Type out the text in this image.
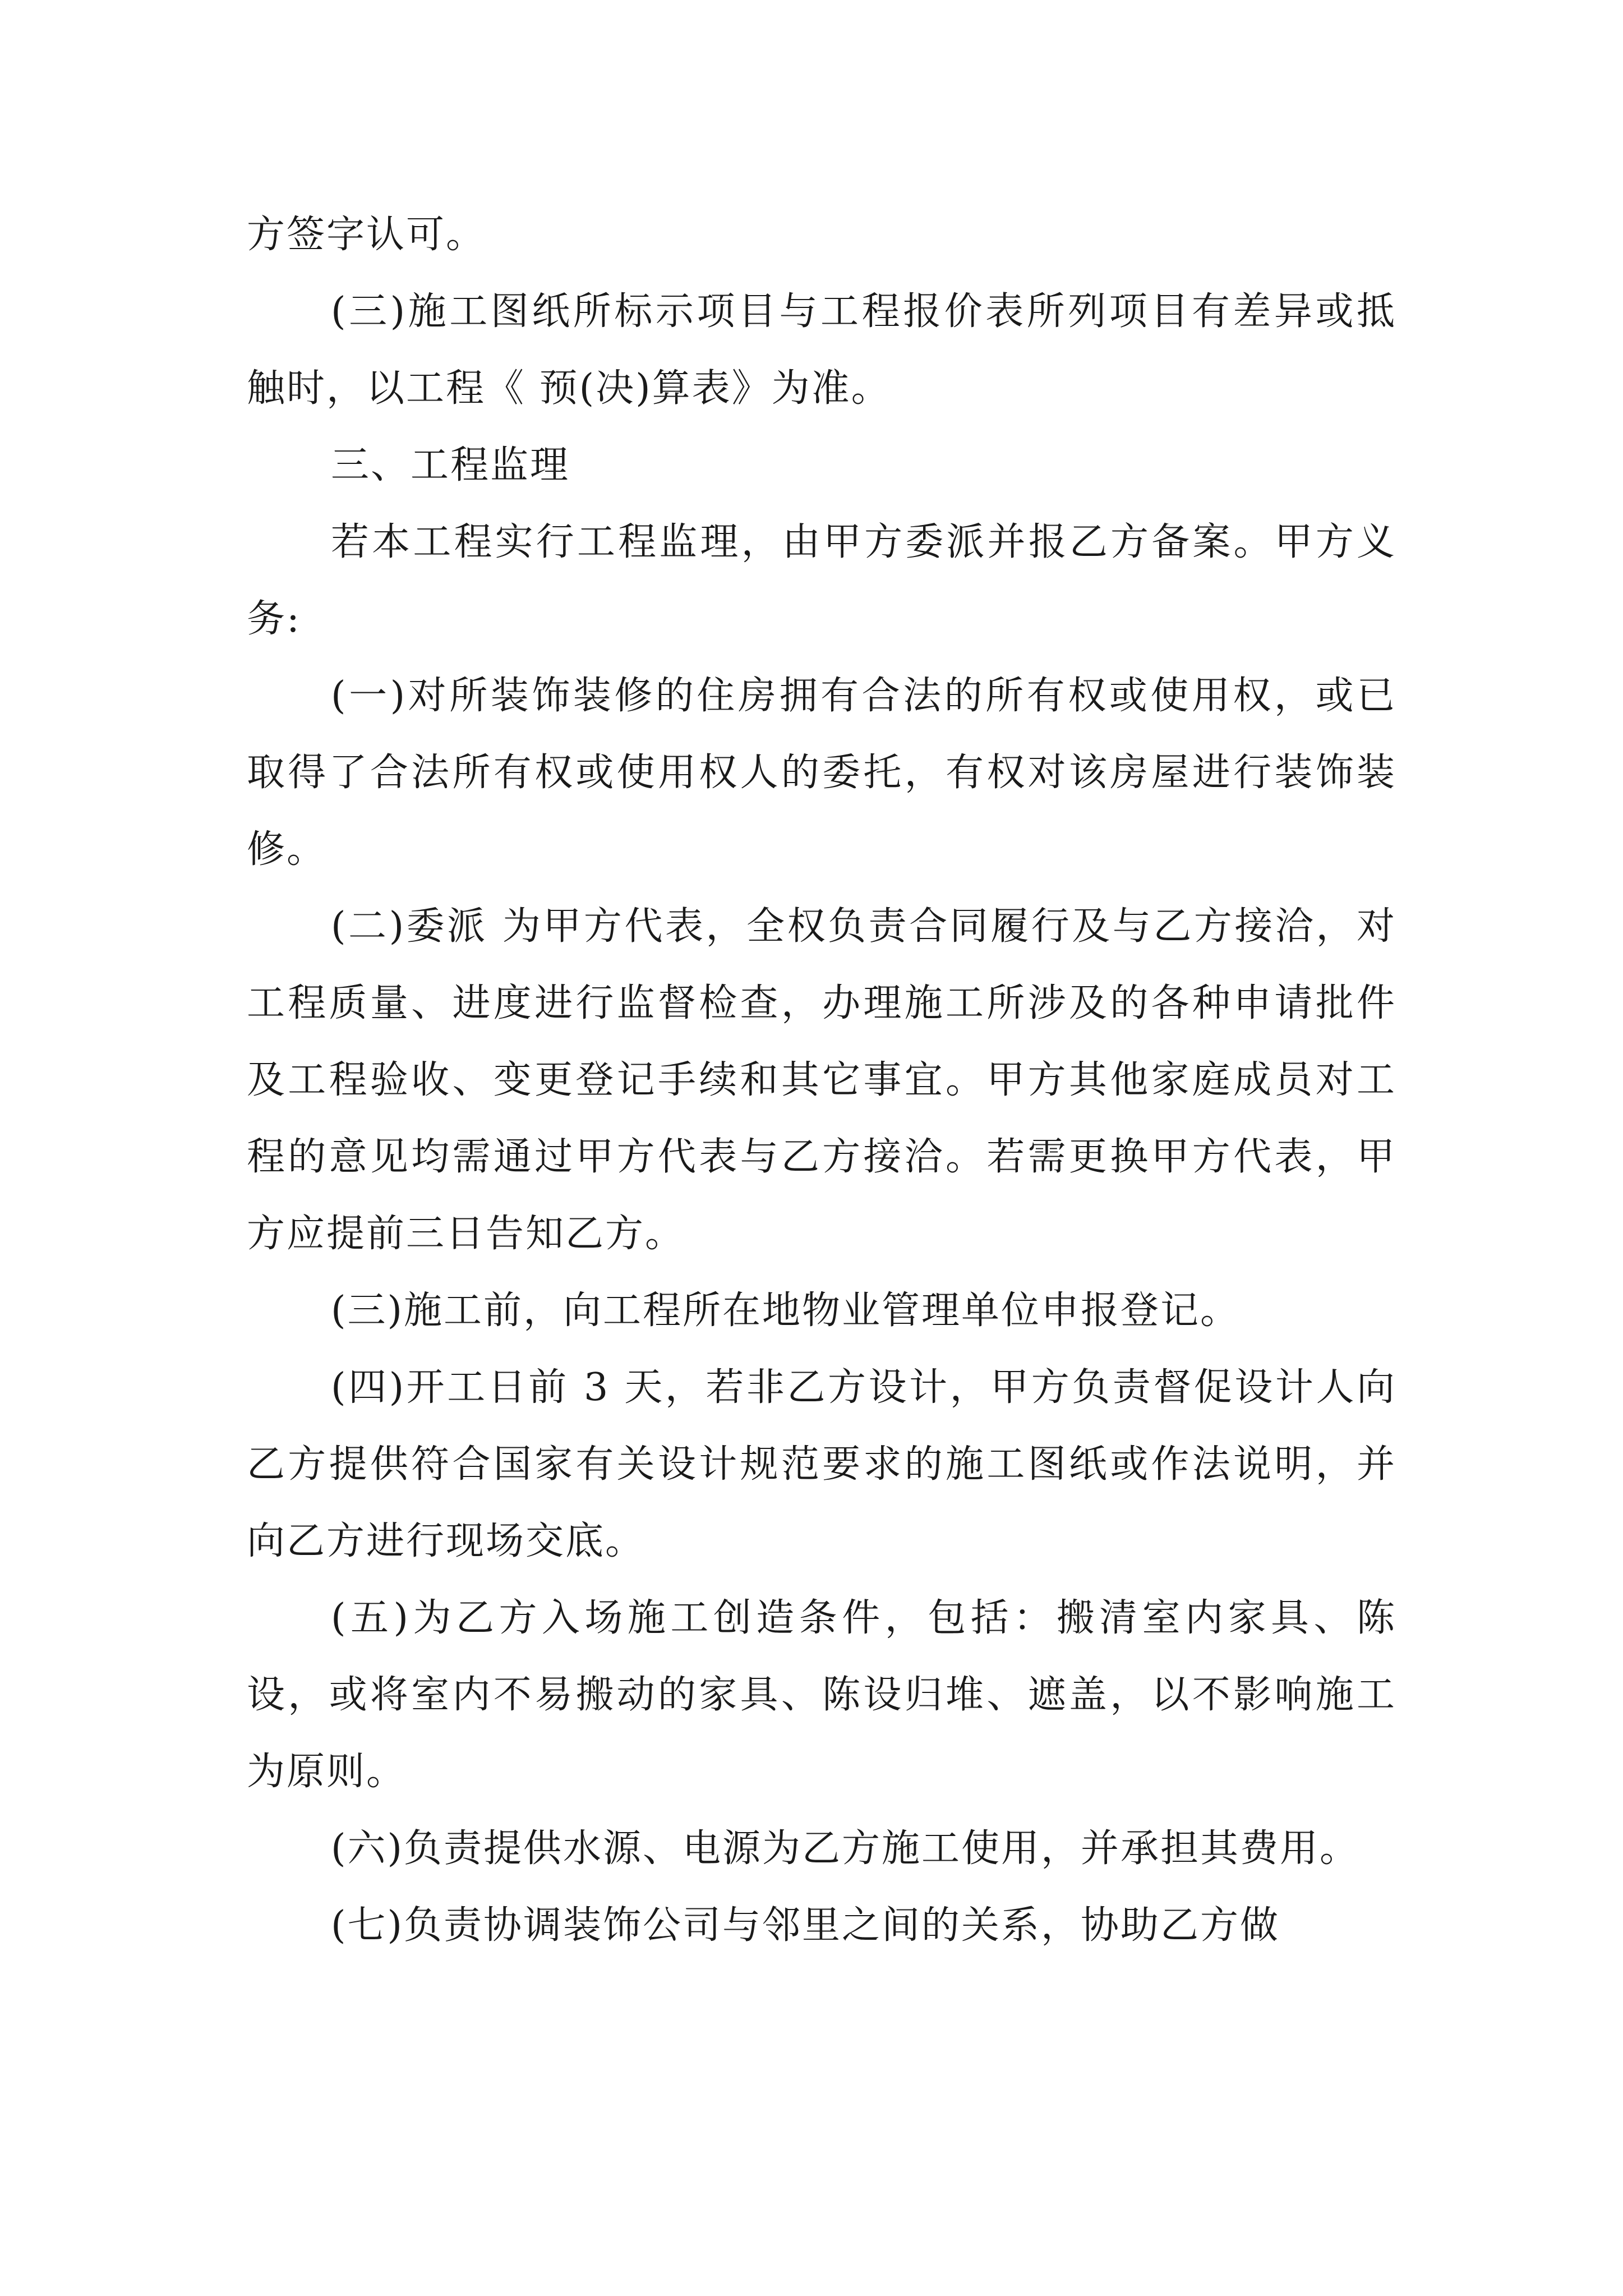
方签字认可。

(三)施工图纸所标示项目与工程报价表所列项目有差异或抵触时，以工程《 预(决)算表》为准。

三、工程监理

若本工程实行工程监理，由甲方委派并报乙方备案。甲方义务:

(一)对所装饰装修的住房拥有合法的所有权或使用权，或已取得了合法所有权或使用权人的委托，有权对该房屋进行装饰装修。

(二)委派 为甲方代表，全权负责合同履行及与乙方接洽，对工程质量、进度进行监督检查，办理施工所涉及的各种申请批件及工程验收、变更登记手续和其它事宜。甲方其他家庭成员对工程的意见均需通过甲方代表与乙方接洽。若需更换甲方代表，甲方应提前三日告知乙方。

(三)施工前，向工程所在地物业管理单位申报登记。

(四)开工日前 3 天，若非乙方设计，甲方负责督促设计人向乙方提供符合国家有关设计规范要求的施工图纸或作法说明，并向乙方进行现场交底。

(五)为乙方入场施工创造条件，包括：搬清室内家具、陈设，或将室内不易搬动的家具、陈设归堆、遮盖，以不影响施工为原则。

(六)负责提供水源、电源为乙方施工使用，并承担其费用。

(七)负责协调装饰公司与邻里之间的关系，协助乙方做
